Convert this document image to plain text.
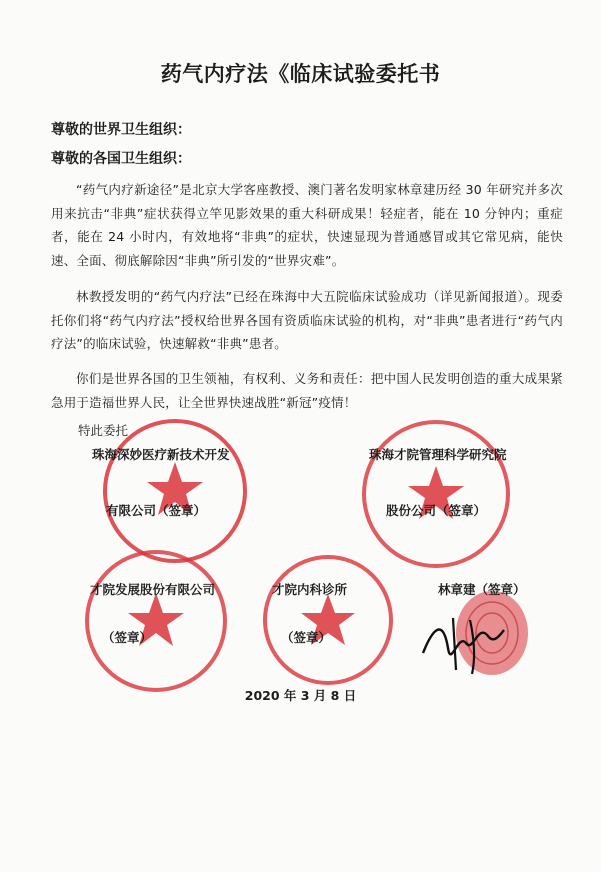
药气内疗法《临床试验委托书
尊敬的世界卫生组织：
尊敬的各国卫生组织：
“药气内疗新途径”是北京大学客座教授、澳门著名发明家林章建历经 30 年研究并多次用来抗击“非典”症状获得立竿见影效果的重大科研成果！轻症者，能在 10 分钟内；重症者，能在 24 小时内，有效地将“非典”的症状，快速显现为普通感冒或其它常见病，能快速、全面、彻底解除因“非典”所引发的“世界灾难”。
林教授发明的“药气内疗法”已经在珠海中大五院临床试验成功（详见新闻报道）。现委托你们将“药气内疗法”授权给世界各国有资质临床试验的机构，对“非典”患者进行“药气内疗法”的临床试验，快速解救“非典”患者。
你们是世界各国的卫生领袖，有权利、义务和责任：把中国人民发明创造的重大成果紧急用于造福世界人民，让全世界快速战胜“新冠”疫情！
特此委托
珠海深妙医疗新技术开发
有限公司（签章）
珠海才院管理科学研究院
股份公司（签章）
才院发展股份有限公司
（签章）
才院内科诊所
（签章）
林章建（签章）
2020 年 3 月 8 日
